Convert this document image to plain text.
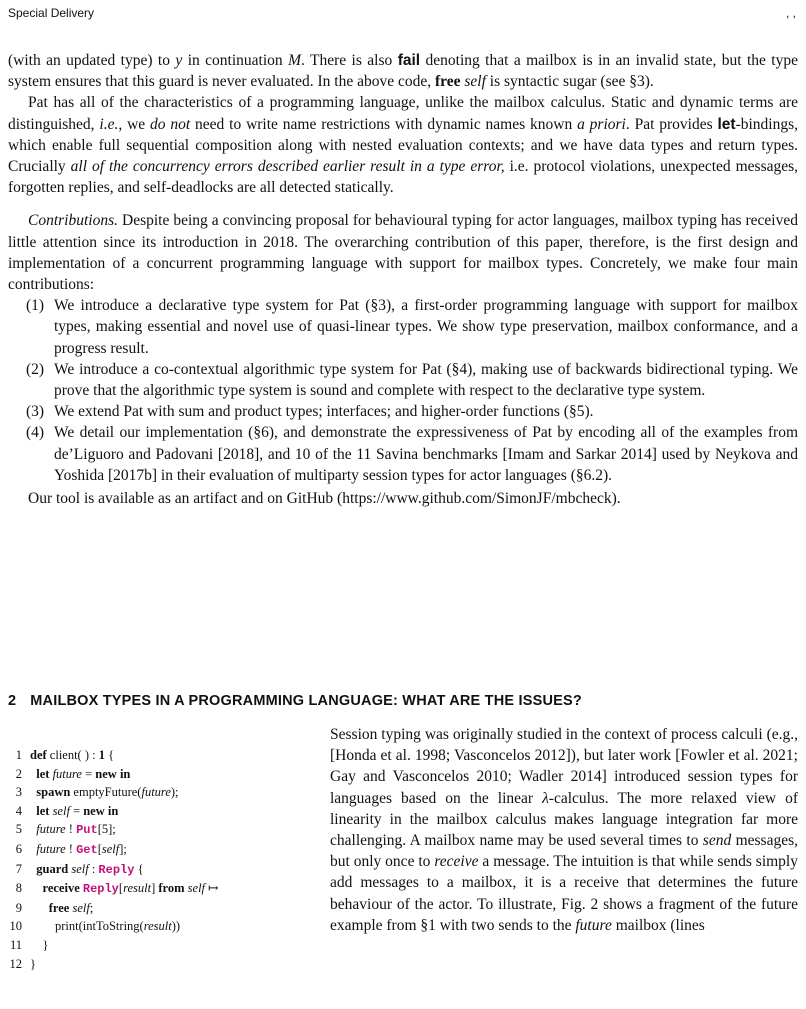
Special Delivery	, ,

(with an updated type) to y in continuation M. There is also fail denoting that a mailbox is in an invalid state, but the type system ensures that this guard is never evaluated. In the above code, free self is syntactic sugar (see §3).

Pat has all of the characteristics of a programming language, unlike the mailbox calculus. Static and dynamic terms are distinguished, i.e., we do not need to write name restrictions with dynamic names known a priori. Pat provides let-bindings, which enable full sequential composition along with nested evaluation contexts; and we have data types and return types. Crucially all of the concurrency errors described earlier result in a type error, i.e. protocol violations, unexpected messages, forgotten replies, and self-deadlocks are all detected statically.

Contributions. Despite being a convincing proposal for behavioural typing for actor languages, mailbox typing has received little attention since its introduction in 2018. The overarching contribution of this paper, therefore, is the first design and implementation of a concurrent programming language with support for mailbox types. Concretely, we make four main contributions:

(1) We introduce a declarative type system for Pat (§3), a first-order programming language with support for mailbox types, making essential and novel use of quasi-linear types. We show type preservation, mailbox conformance, and a progress result.
(2) We introduce a co-contextual algorithmic type system for Pat (§4), making use of backwards bidirectional typing. We prove that the algorithmic type system is sound and complete with respect to the declarative type system.
(3) We extend Pat with sum and product types; interfaces; and higher-order functions (§5).
(4) We detail our implementation (§6), and demonstrate the expressiveness of Pat by encoding all of the examples from de’Liguoro and Padovani [2018], and 10 of the 11 Savina benchmarks [Imam and Sarkar 2014] used by Neykova and Yoshida [2017b] in their evaluation of multiparty session types for actor languages (§6.2).

Our tool is available as an artifact and on GitHub (https://www.github.com/SimonJF/mbcheck).

2 MAILBOX TYPES IN A PROGRAMMING LANGUAGE: WHAT ARE THE ISSUES?
1 def client( ) : 1 {
2 let future = new in
3 spawn emptyFuture(future);
4 let self = new in
5 future ! Put[5];
6 future ! Get[self];
7 guard self : Reply {
8 receive Reply[result] from self ↦
9 free self;
10	print(intToString(result))
11 }
12 }

Session typing was originally studied in the context of process calculi (e.g., [Honda et al. 1998; Vasconcelos 2012]), but later work [Fowler et al. 2021; Gay and Vasconcelos 2010; Wadler 2014] introduced session types for languages based on the linear λ-calculus. The more relaxed view of linearity in the mailbox calculus makes language integration far more challenging. A mailbox name may be used several times to send messages, but only once to receive a message. The intuition is that while sends simply add messages to a mailbox, it is a receive that determines the future behaviour of the actor. To illustrate, Fig. 2 shows a fragment of the future example from §1 with two sends to the future mailbox (lines
